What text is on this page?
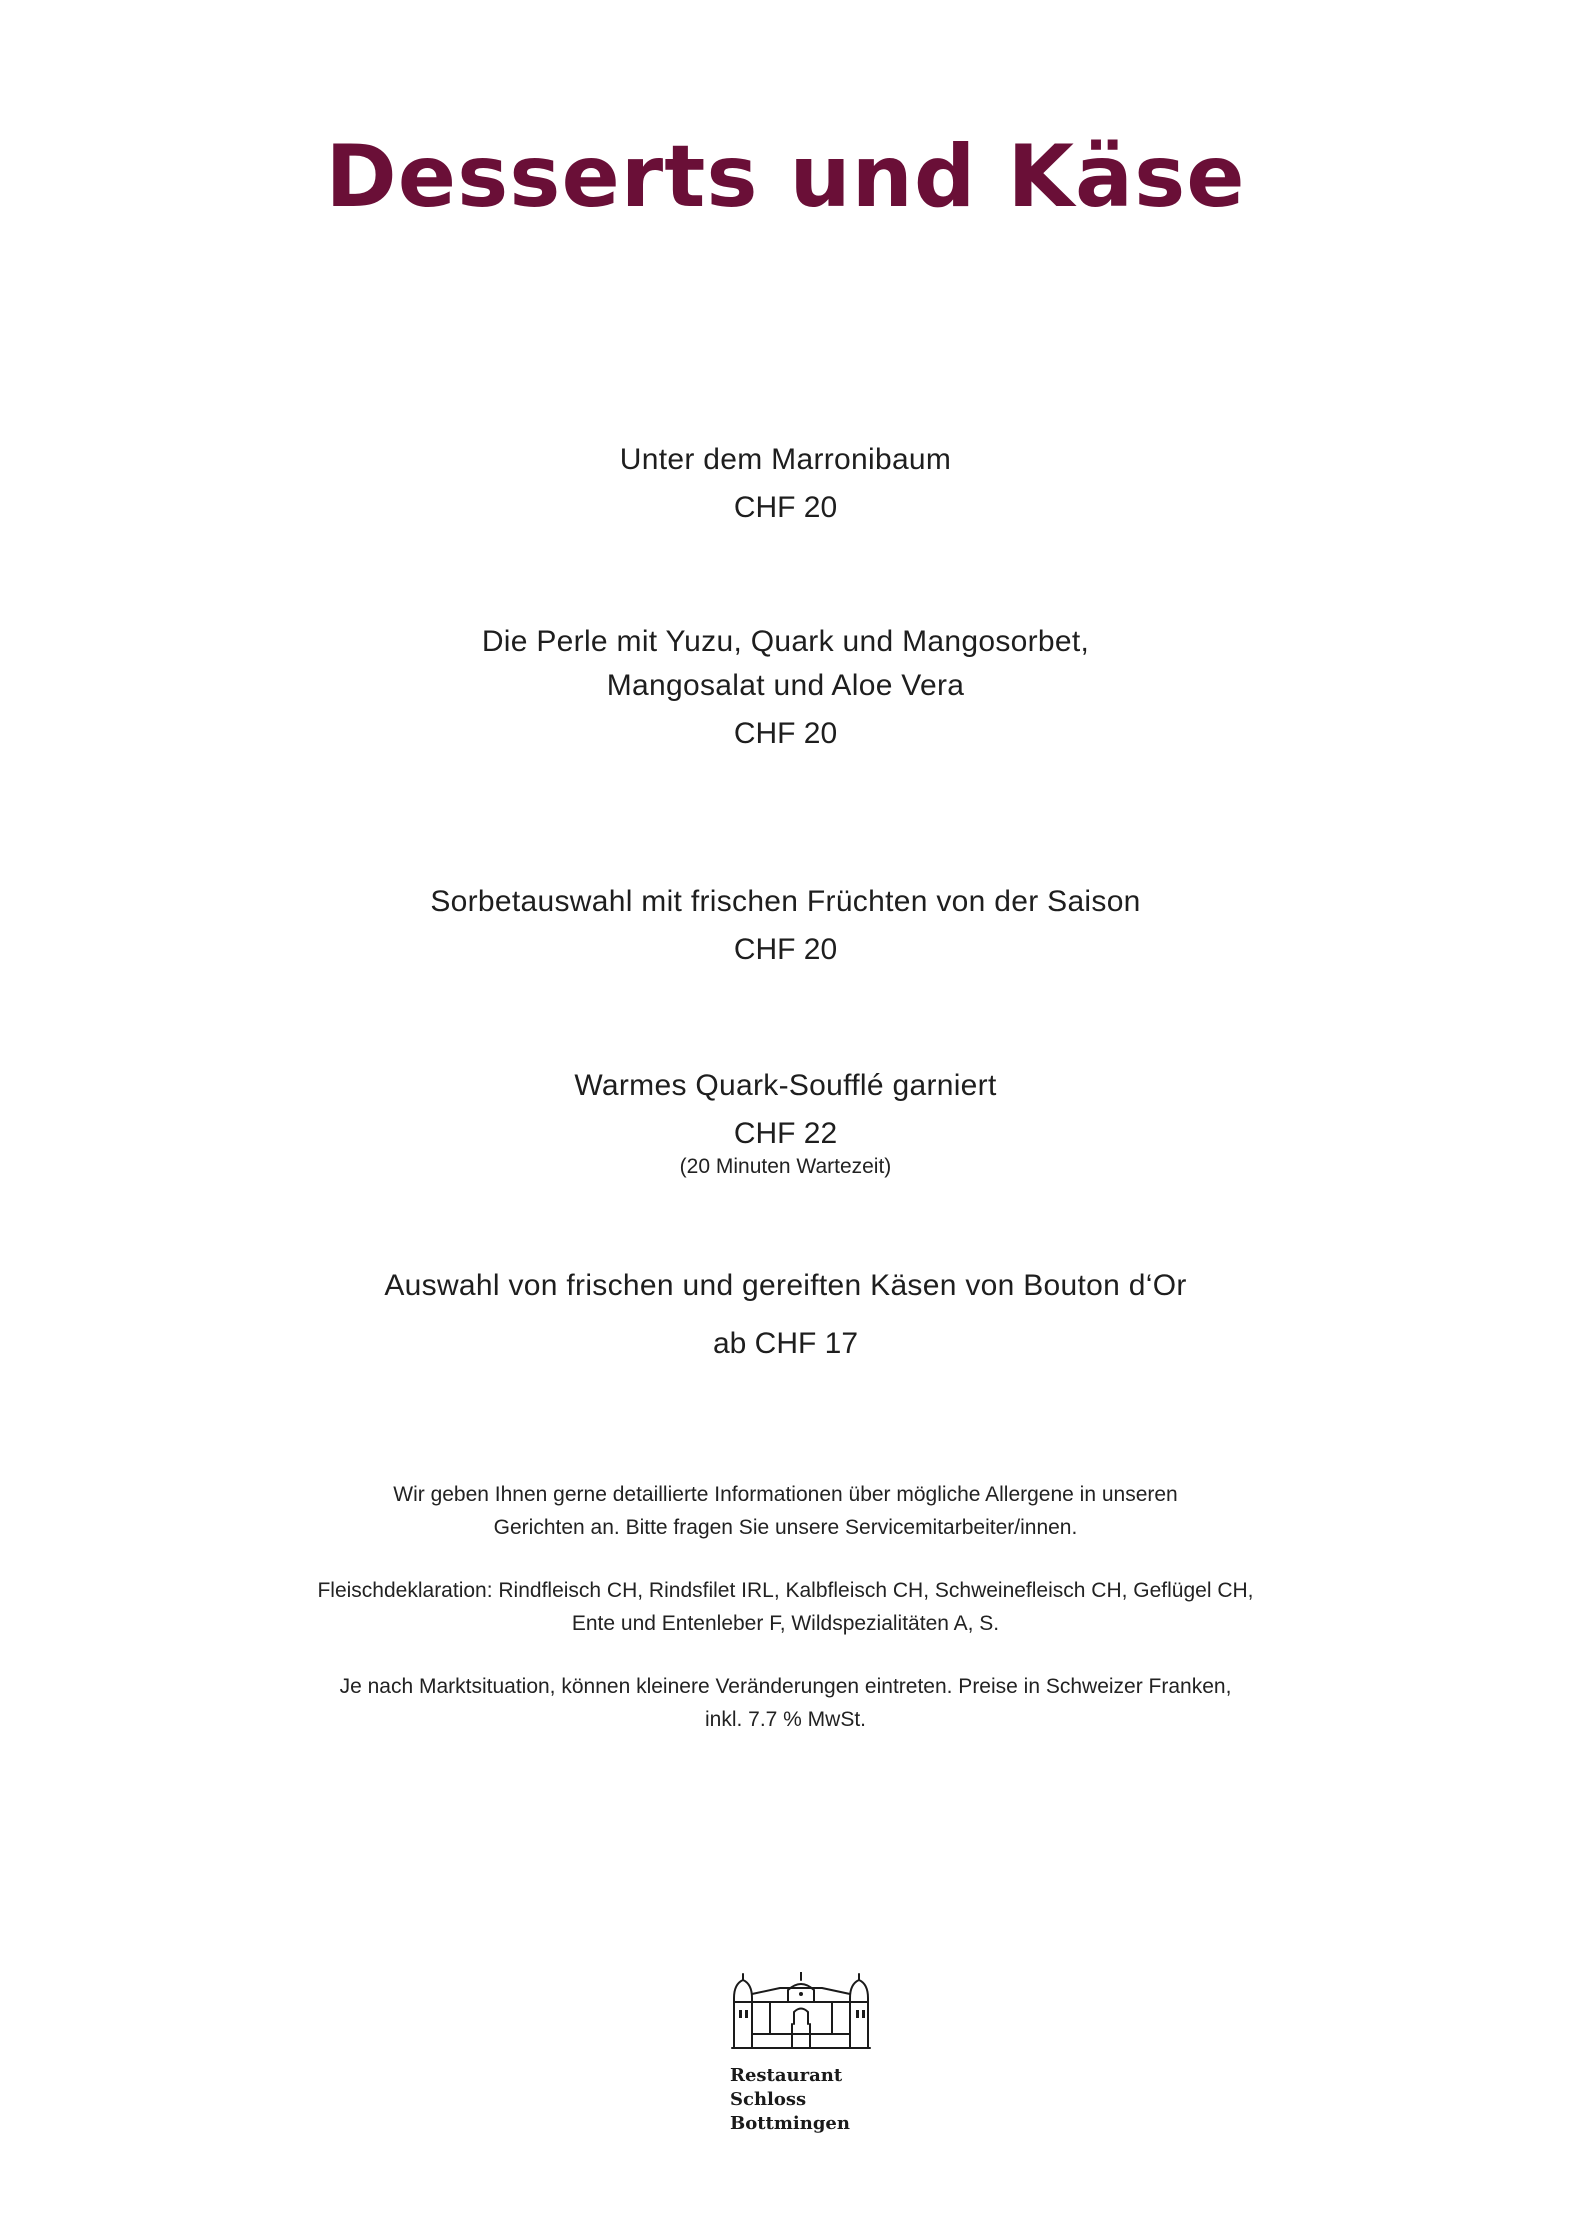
Desserts und Käse
Unter dem Marronibaum
CHF 20
Die Perle mit Yuzu, Quark und Mangosorbet,
Mangosalat und Aloe Vera
CHF 20
Sorbetauswahl mit frischen Früchten von der Saison
CHF 20
Warmes Quark-Soufflé garniert
CHF 22
(20 Minuten Wartezeit)
Auswahl von frischen und gereiften Käsen von Bouton d‘Or
ab CHF 17

Wir geben Ihnen gerne detaillierte Informationen über mögliche Allergene in unseren
Gerichten an. Bitte fragen Sie unsere Servicemitarbeiter/innen.

Fleischdeklaration: Rindfleisch CH, Rindsfilet IRL, Kalbfleisch CH, Schweinefleisch CH, Geflügel CH,
Ente und Entenleber F, Wildspezialitäten A, S.

Je nach Marktsituation, können kleinere Veränderungen eintreten. Preise in Schweizer Franken,
inkl. 7.7 % MwSt.

Restaurant
Schloss
Bottmingen
